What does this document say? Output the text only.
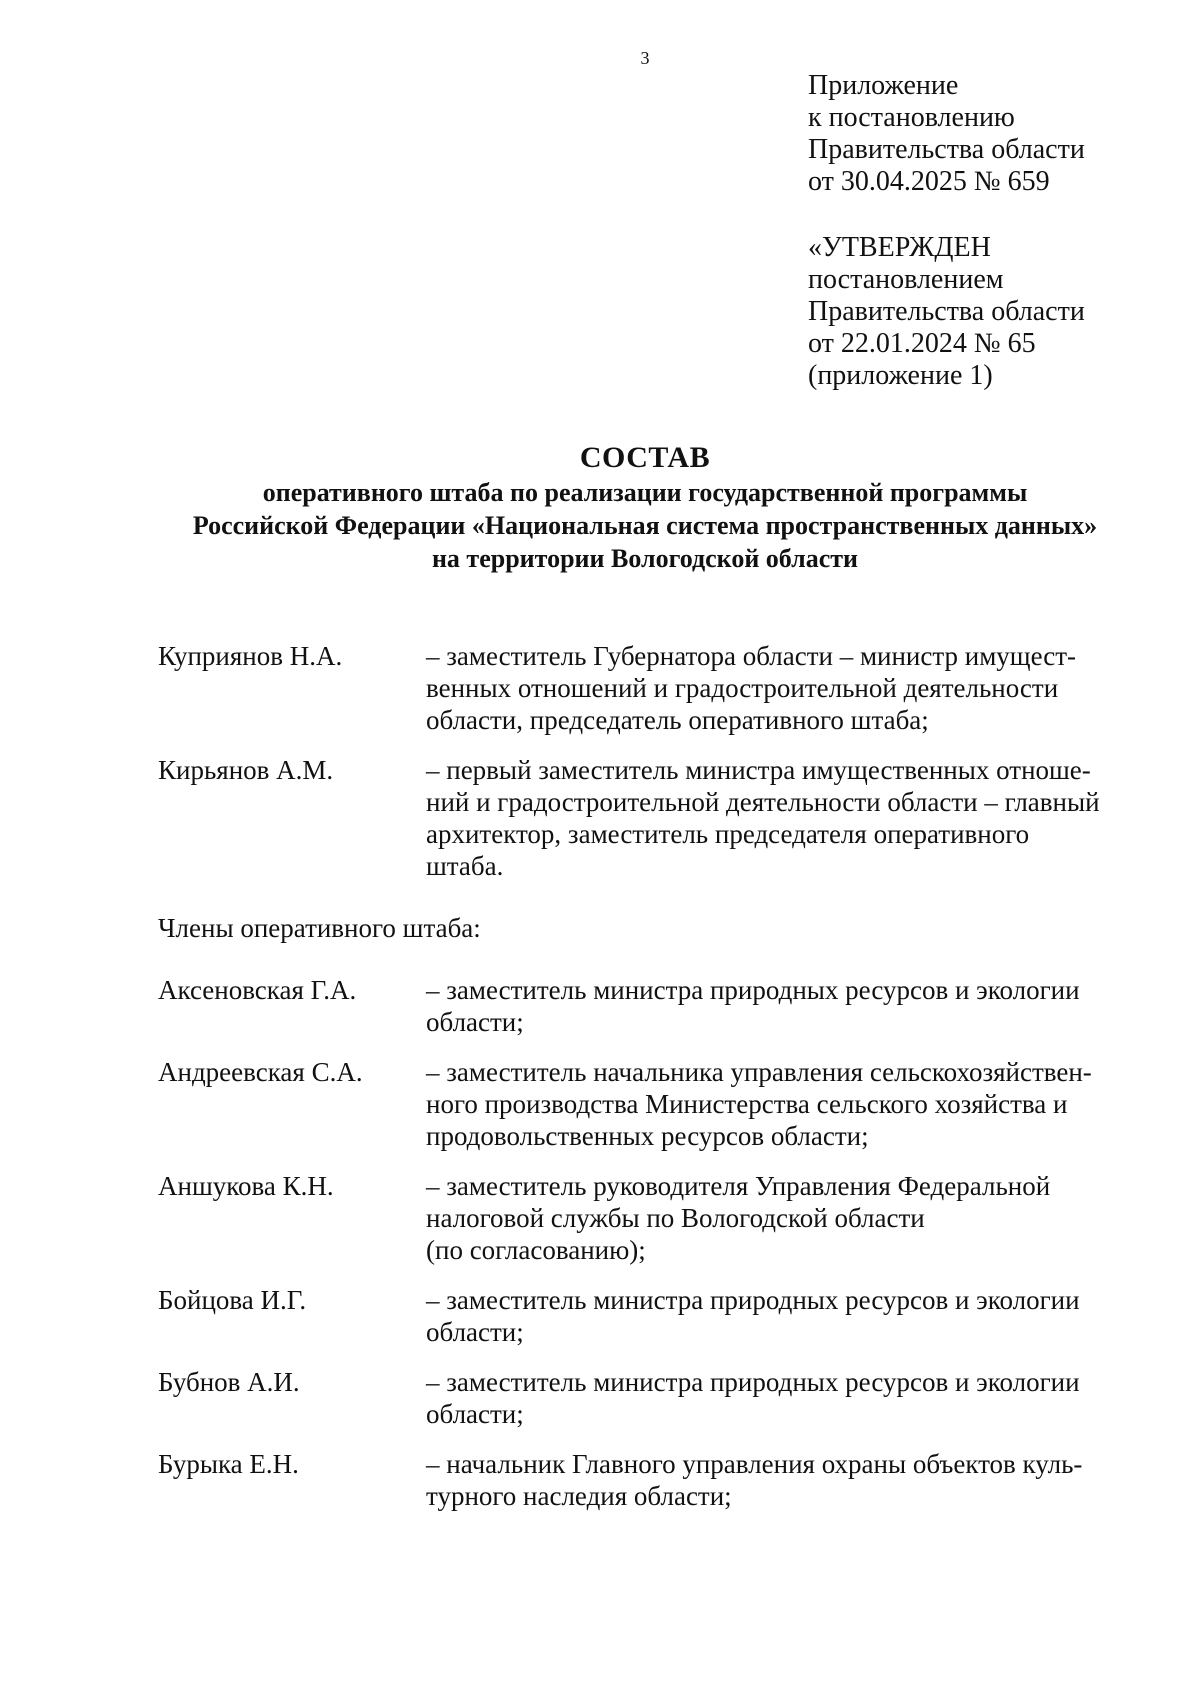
3
Приложение
к постановлению
Правительства области
от 30.04.2025 № 659
«УТВЕРЖДЕН
постановлением
Правительства области
от 22.01.2024 № 65
(приложение 1)
СОСТАВ
оперативного штаба по реализации государственной программы
Российской Федерации «Национальная система пространственных данных»
на территории Вологодской области
Куприянов Н.А.	– заместитель Губернатора области – министр имущест-
венных отношений и градостроительной деятельности
области, председатель оперативного штаба;
Кирьянов А.М.	– первый заместитель министра имущественных отноше-
ний и градостроительной деятельности области – главный
архитектор, заместитель председателя оперативного
штаба.
Члены оперативного штаба:
Аксеновская Г.А.	– заместитель министра природных ресурсов и экологии
области;
Андреевская С.А.	– заместитель начальника управления сельскохозяйствен-
ного производства Министерства сельского хозяйства и
продовольственных ресурсов области;
Аншукова К.Н.	– заместитель руководителя Управления Федеральной
налоговой службы по Вологодской области
(по согласованию);
Бойцова И.Г.	– заместитель министра природных ресурсов и экологии
области;
Бубнов А.И.	– заместитель министра природных ресурсов и экологии
области;
Бурыка Е.Н.	– начальник Главного управления охраны объектов куль-
турного наследия области;
